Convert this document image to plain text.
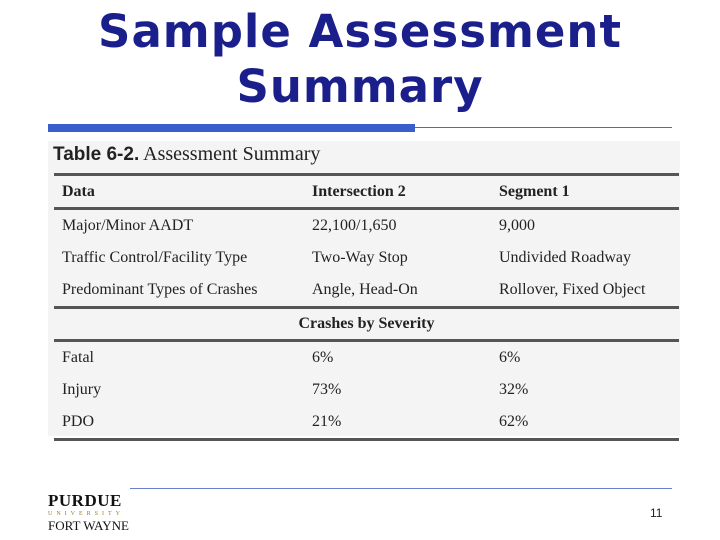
Sample Assessment
Summary
Table 6-2. Assessment Summary
Data	Intersection 2	Segment 1
Major/Minor AADT	22,100/1,650	9,000
Traffic Control/Facility Type	Two-Way Stop	Undivided Roadway
Predominant Types of Crashes	Angle, Head-On	Rollover, Fixed Object
Crashes by Severity		
Fatal	6%	6%
Injury	73%	32%
PDO	21%	62%
PURDUE
UNIVERSITY
FORT WAYNE
11
